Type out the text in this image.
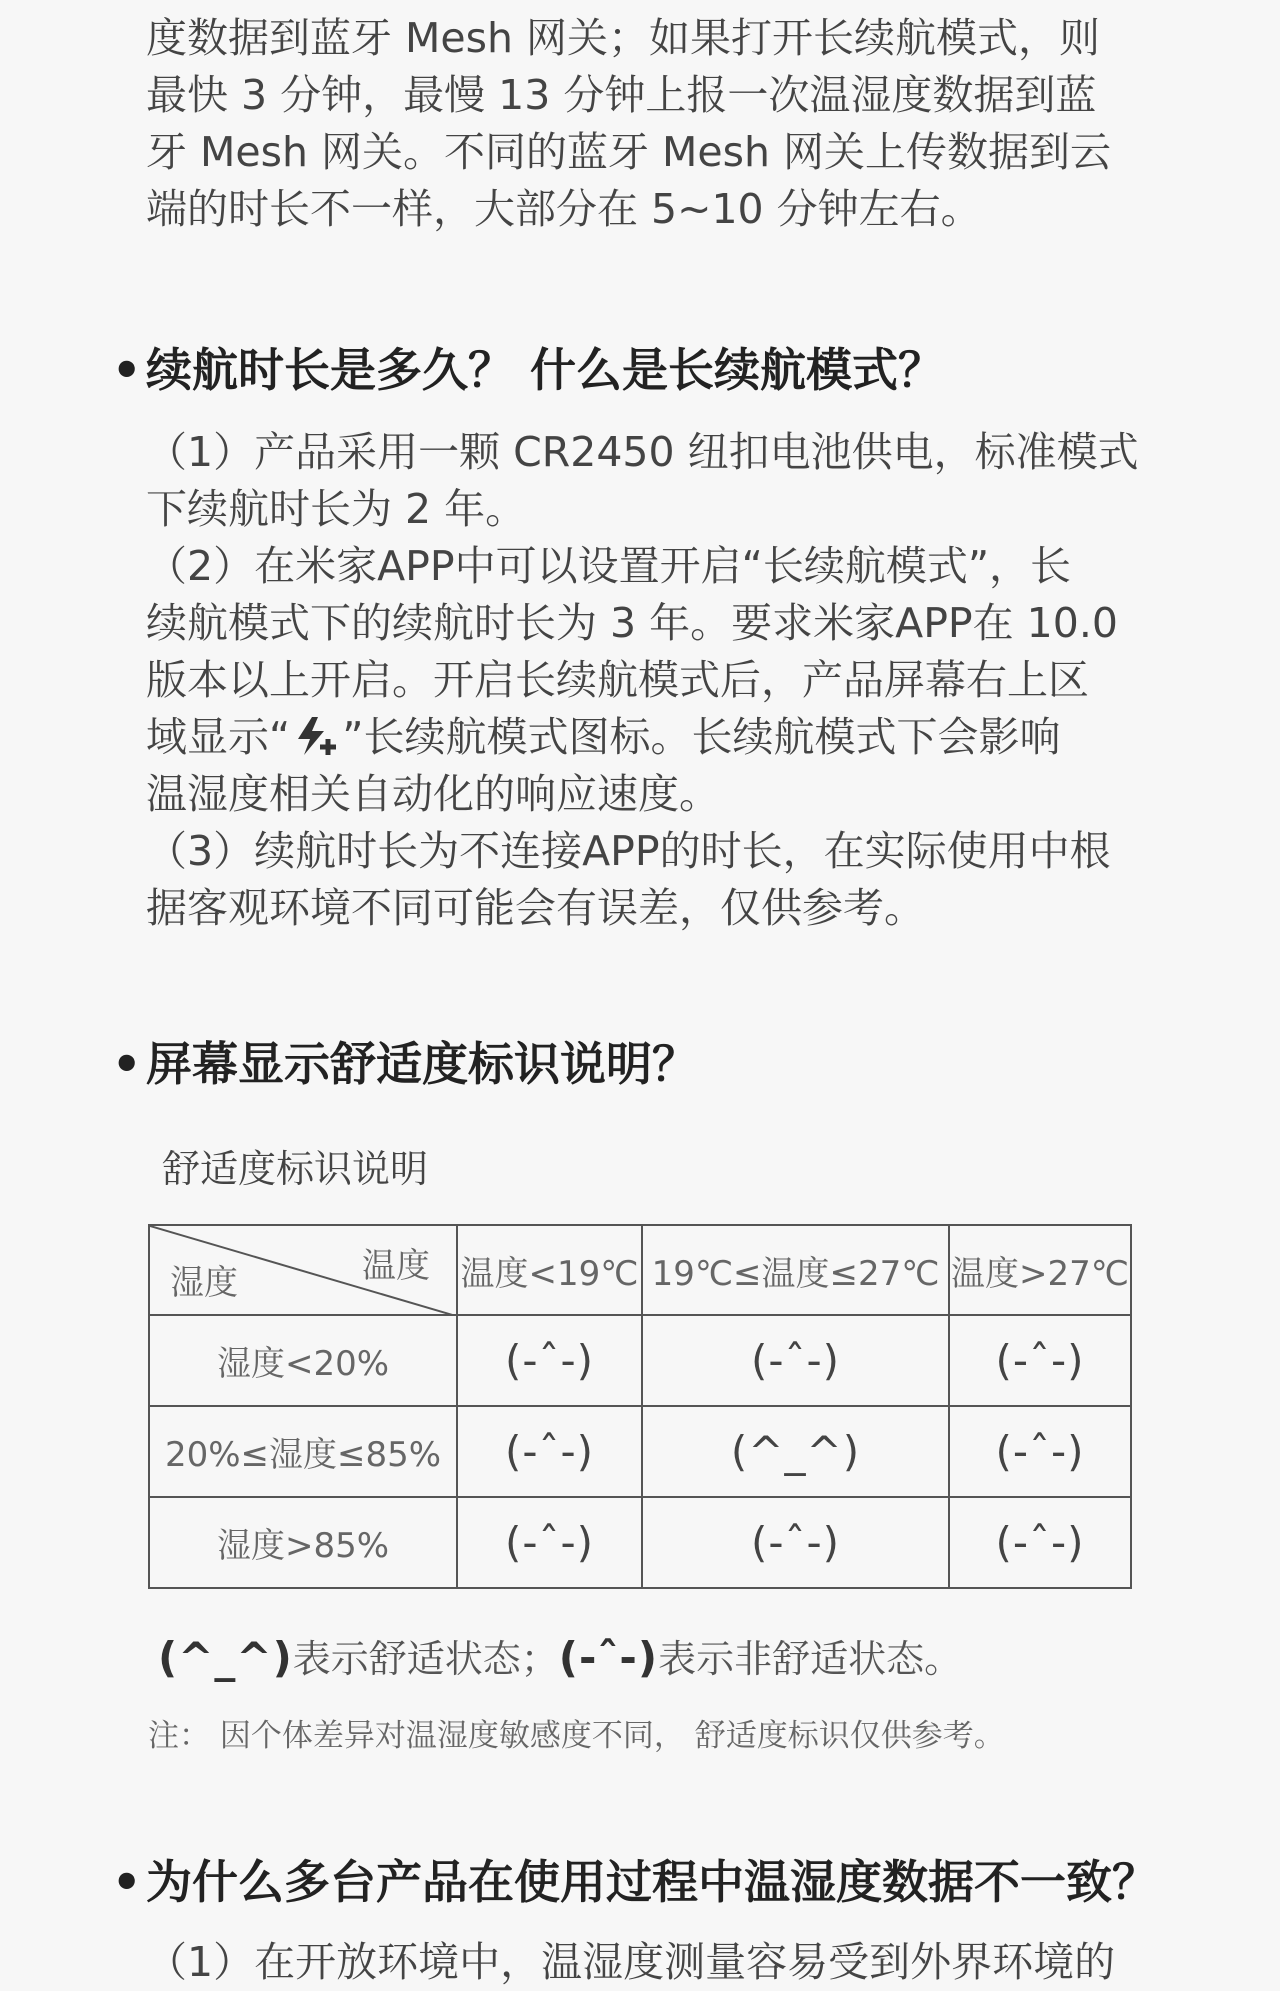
度数据到蓝牙 Mesh 网关；如果打开长续航模式，则
最快 3 分钟，最慢 13 分钟上报一次温湿度数据到蓝
牙 Mesh 网关。不同的蓝牙 Mesh 网关上传数据到云
端的时长不一样，大部分在 5~10 分钟左右。
•续航时长是多久？ 什么是长续航模式？
（1）产品采用一颗 CR2450 纽扣电池供电，标准模式
下续航时长为 2 年。
（2）在米家APP中可以设置开启“长续航模式”，长
续航模式下的续航时长为 3 年。要求米家APP在 10.0
版本以上开启。开启长续航模式后，产品屏幕右上区
域显示“ ”长续航模式图标。长续航模式下会影响
温湿度相关自动化的响应速度。
（3）续航时长为不连接APP的时长，在实际使用中根
据客观环境不同可能会有误差，仅供参考。
•屏幕显示舒适度标识说明？
舒适度标识说明
温度
湿度	温度<19℃	19℃≤温度≤27℃	温度>27℃
湿度<20%	(-ˆ-)	(-ˆ-)	(-ˆ-)
20%≤湿度≤85%	(-ˆ-)	(^_^)	(-ˆ-)
湿度>85%	(-ˆ-)	(-ˆ-)	(-ˆ-)
(^_^)表示舒适状态；(-ˆ-)表示非舒适状态。
注： 因个体差异对温湿度敏感度不同， 舒适度标识仅供参考。
•为什么多台产品在使用过程中温湿度数据不一致？
（1）在开放环境中，温湿度测量容易受到外界环境的
